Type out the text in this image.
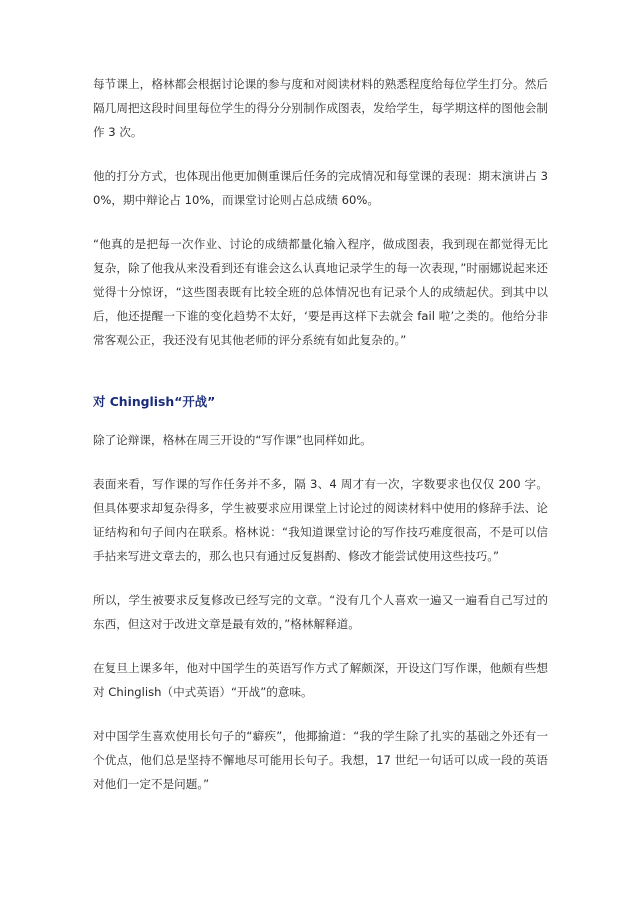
每节课上，格林都会根据讨论课的参与度和对阅读材料的熟悉程度给每位学生打分。然后隔几周把这段时间里每位学生的得分分别制作成图表，发给学生，每学期这样的图他会制作 3 次。

他的打分方式，也体现出他更加侧重课后任务的完成情况和每堂课的表现：期末演讲占 30%，期中辩论占 10%，而课堂讨论则占总成绩 60%。

“他真的是把每一次作业、讨论的成绩都量化输入程序，做成图表，我到现在都觉得无比复杂，除了他我从来没看到还有谁会这么认真地记录学生的每一次表现，”时丽娜说起来还觉得十分惊讶，“这些图表既有比较全班的总体情况也有记录个人的成绩起伏。到其中以后，他还提醒一下谁的变化趋势不太好，‘要是再这样下去就会 fail 啦’之类的。他给分非常客观公正，我还没有见其他老师的评分系统有如此复杂的。”

对 Chinglish“开战”

除了论辩课，格林在周三开设的“写作课”也同样如此。

表面来看，写作课的写作任务并不多，隔 3、4 周才有一次，字数要求也仅仅 200 字。但具体要求却复杂得多，学生被要求应用课堂上讨论过的阅读材料中使用的修辞手法、论证结构和句子间内在联系。格林说：“我知道课堂讨论的写作技巧难度很高，不是可以信手拈来写进文章去的，那么也只有通过反复斟酌、修改才能尝试使用这些技巧。”

所以，学生被要求反复修改已经写完的文章。“没有几个人喜欢一遍又一遍看自己写过的东西，但这对于改进文章是最有效的，”格林解释道。

在复旦上课多年，他对中国学生的英语写作方式了解颇深，开设这门写作课，他颇有些想对 Chinglish（中式英语）“开战”的意味。

对中国学生喜欢使用长句子的“癖疾”，他揶揄道：“我的学生除了扎实的基础之外还有一个优点，他们总是坚持不懈地尽可能用长句子。我想，17 世纪一句话可以成一段的英语对他们一定不是问题。”
